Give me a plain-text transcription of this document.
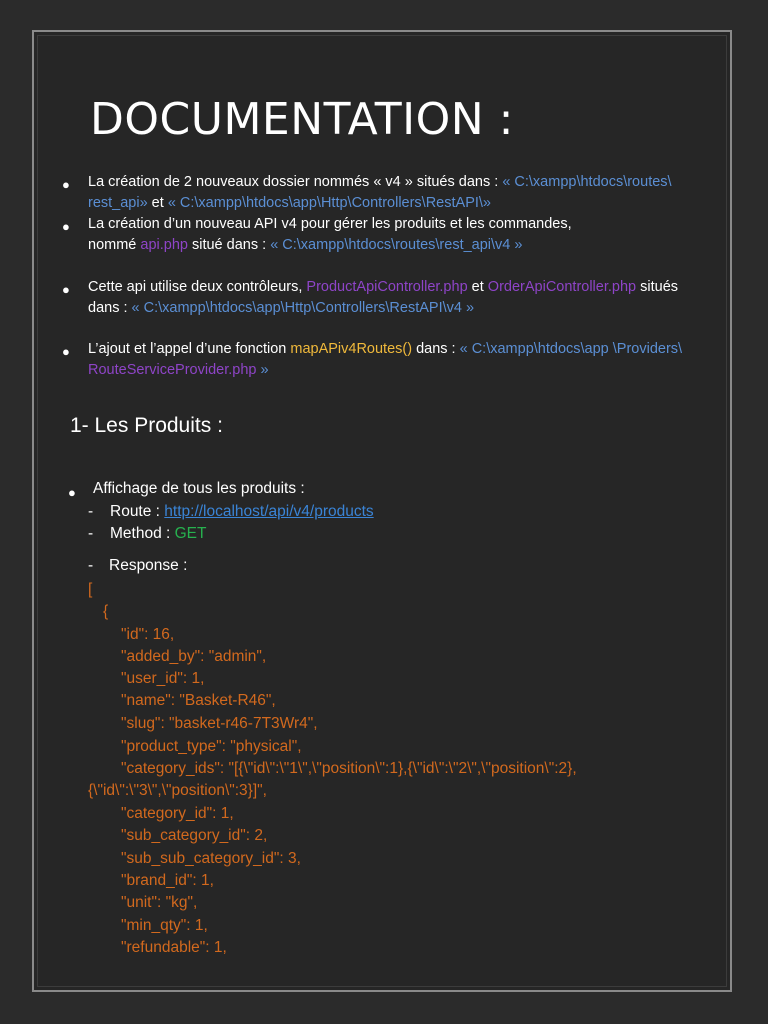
DOCUMENTATION :
● La création de 2 nouveaux dossier nommés « v4 » situés dans : « C:\xampp\htdocs\routes\
rest_api» et « C:\xampp\htdocs\app\Http\Controllers\RestAPI\»
● La création d’un nouveau API v4 pour gérer les produits et les commandes,
nommé api.php situé dans : « C:\xampp\htdocs\routes\rest_api\v4 »
● Cette api utilise deux contrôleurs, ProductApiController.php et OrderApiController.php situés
dans : « C:\xampp\htdocs\app\Http\Controllers\RestAPI\v4 »
● L’ajout et l’appel d’une fonction mapAPiv4Routes() dans : « C:\xampp\htdocs\app \Providers\
RouteServiceProvider.php »
1- Les Produits :
● Affichage de tous les produits :
- Route : http://localhost/api/v4/products
- Method : GET
- Response :
[
{
"id": 16,
"added_by": "admin",
"user_id": 1,
"name": "Basket-R46",
"slug": "basket-r46-7T3Wr4",
"product_type": "physical",
"category_ids": "[{\"id\":\"1\",\"position\":1},{\"id\":\"2\",\"position\":2},
{\"id\":\"3\",\"position\":3}]",
"category_id": 1,
"sub_category_id": 2,
"sub_sub_category_id": 3,
"brand_id": 1,
"unit": "kg",
"min_qty": 1,
"refundable": 1,
